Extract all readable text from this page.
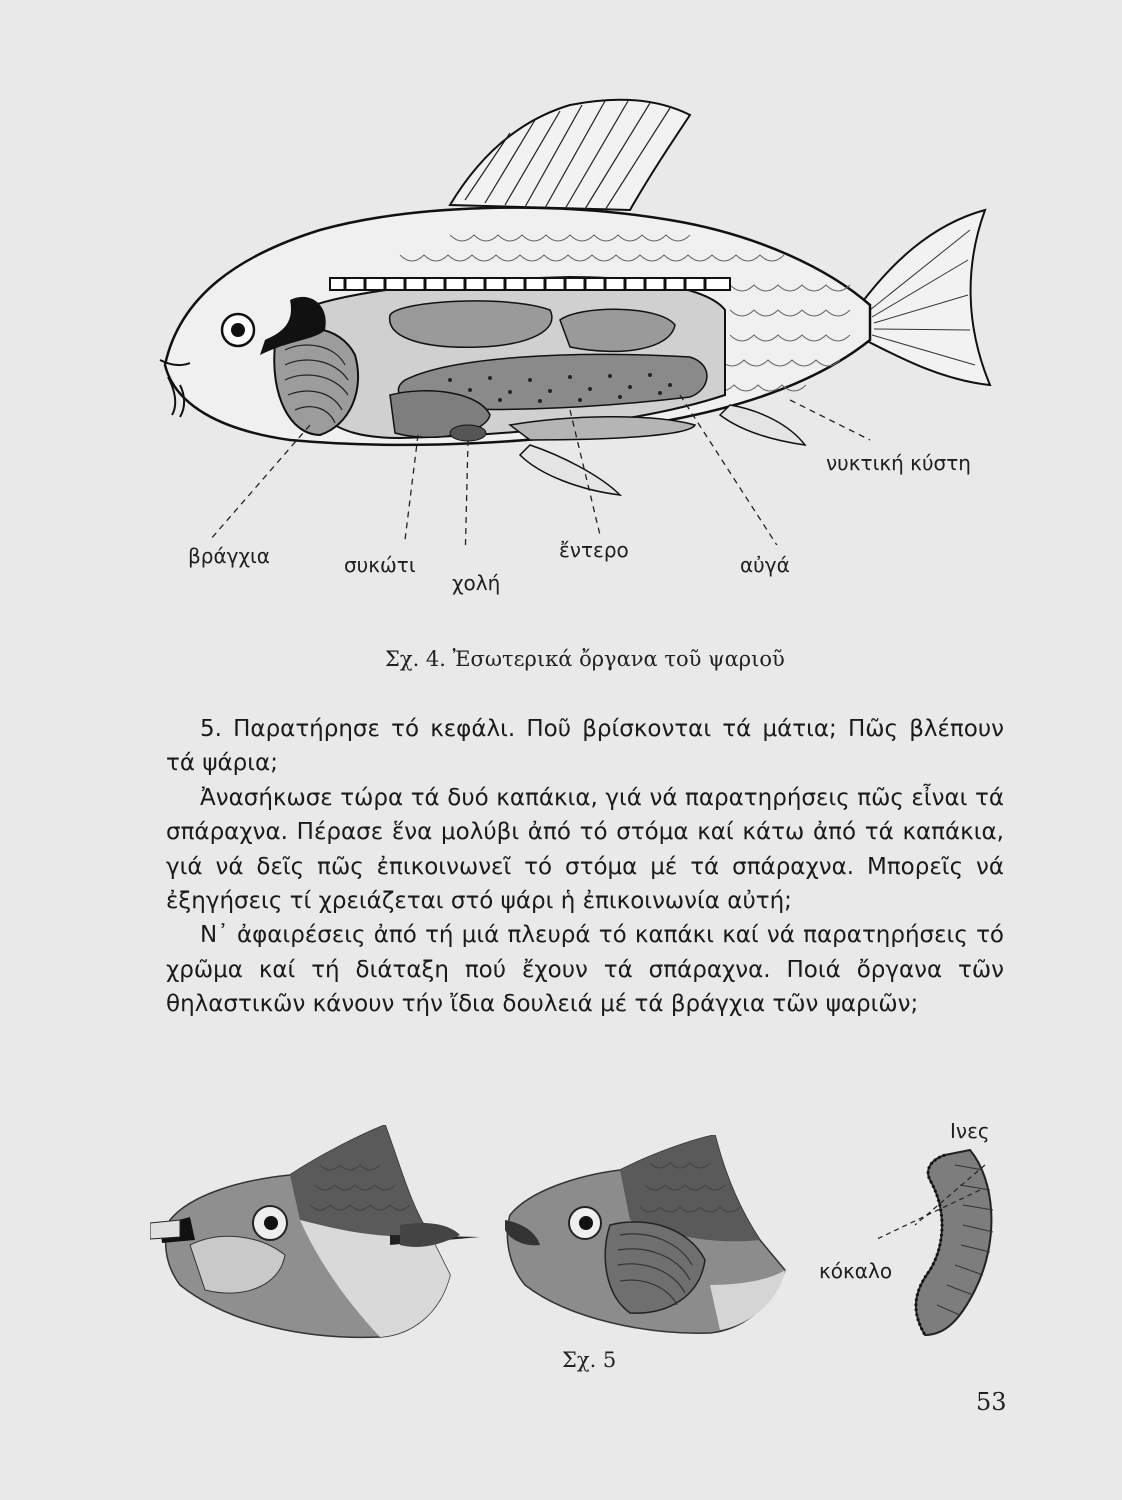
βράγχια	συκώτι
χολή
ἔντερο
αὐγά
νυκτική κύστη
Σχ. 4. Ἐσωτερικά ὄργανα τοῦ ψαριοῦ

5. Παρατήρησε τό κεφάλι. Ποῦ βρίσκονται τά μάτια; Πῶς βλέπουν τά ψάρια;

Ἀνασήκωσε τώρα τά δυό καπάκια, γιά νά παρατηρήσεις πῶς εἶναι τά σπάραχνα. Πέρασε ἕνα μολύβι ἀπό τό στόμα καί κάτω ἀπό τά καπάκια, γιά νά δεῖς πῶς ἐπικοινωνεῖ τό στόμα μέ τά σπάραχνα. Μπορεῖς νά ἐξηγήσεις τί χρειάζεται στό ψάρι ἡ ἐπικοινωνία αὐτή;

Ν᾽ ἀφαιρέσεις ἀπό τή μιά πλευρά τό καπάκι καί νά παρατηρήσεις τό χρῶμα καί τή διάταξη πού ἔχουν τά σπάραχνα. Ποιά ὄργανα τῶν θηλαστικῶν κάνουν τήν ἴδια δουλειά μέ τά βράγχια τῶν ψαριῶν;

Ινες
κόκαλο
Σχ. 5
53
